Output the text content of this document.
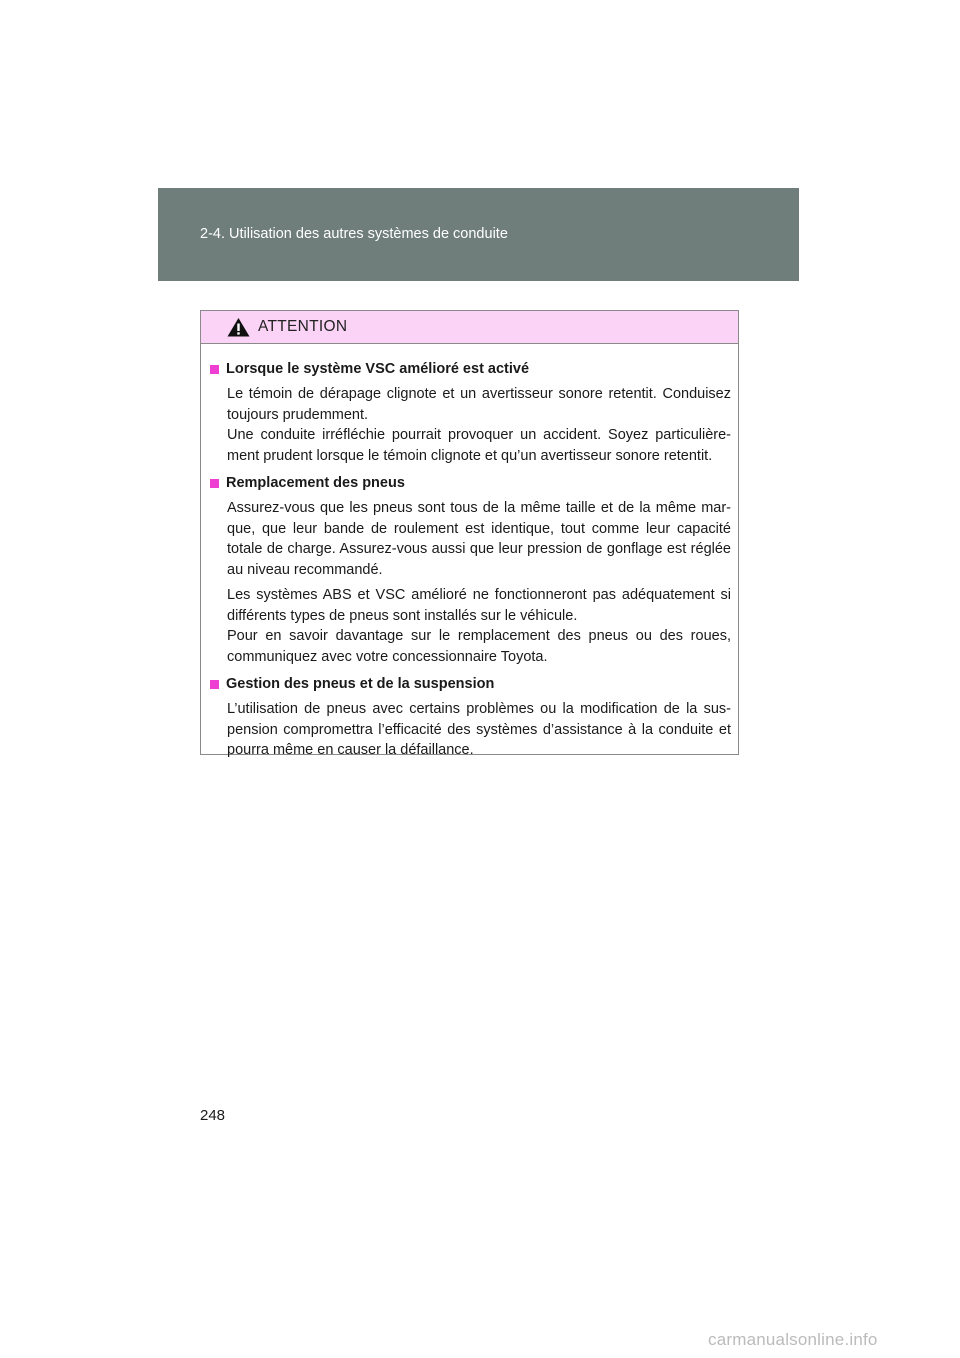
2-4. Utilisation des autres systèmes de conduite
ATTENTION
Lorsque le système VSC amélioré est activé
Le témoin de dérapage clignote et un avertisseur sonore retentit. Conduisez toujours prudemment.
Une conduite irréfléchie pourrait provoquer un accident. Soyez particulière-ment prudent lorsque le témoin clignote et qu’un avertisseur sonore retentit.
Remplacement des pneus
Assurez-vous que les pneus sont tous de la même taille et de la même mar-que, que leur bande de roulement est identique, tout comme leur capacité totale de charge. Assurez-vous aussi que leur pression de gonflage est réglée au niveau recommandé.
Les systèmes ABS et VSC amélioré ne fonctionneront pas adéquatement si différents types de pneus sont installés sur le véhicule.
Pour en savoir davantage sur le remplacement des pneus ou des roues, communiquez avec votre concessionnaire Toyota.
Gestion des pneus et de la suspension
L’utilisation de pneus avec certains problèmes ou la modification de la sus-pension compromettra l’efficacité des systèmes d’assistance à la conduite et pourra même en causer la défaillance.
248
carmanualsonline.info
